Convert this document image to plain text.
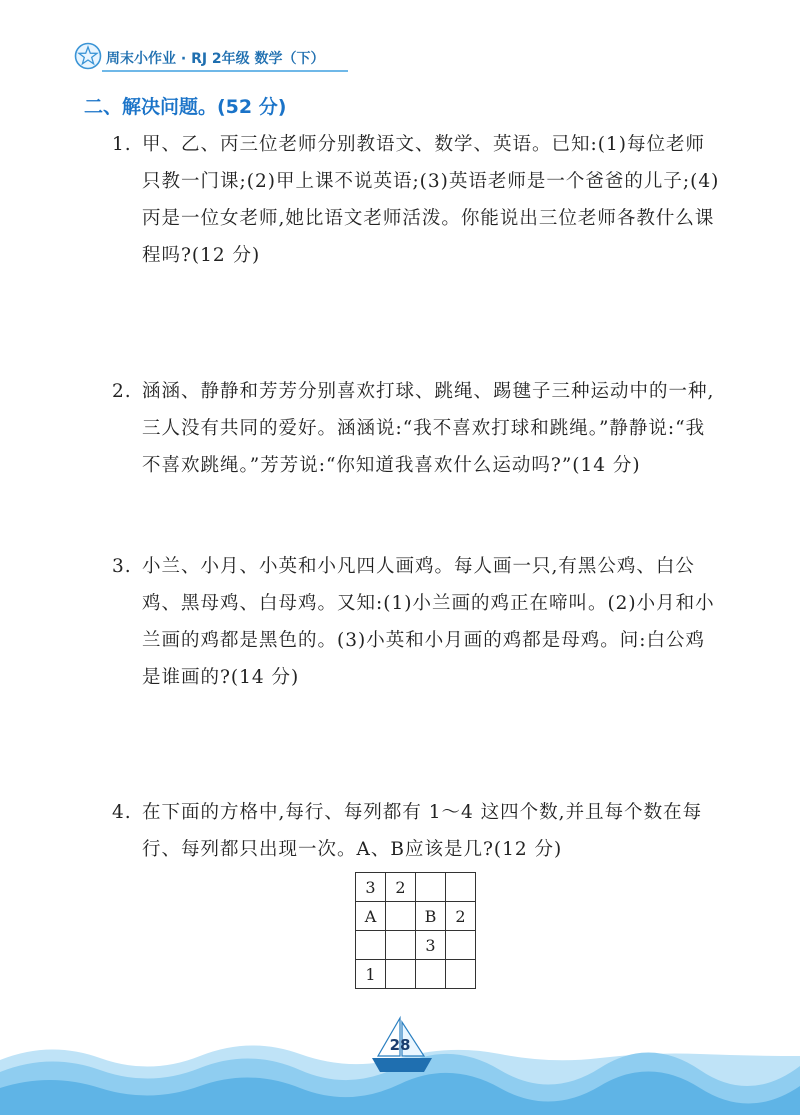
周末小作业 · RJ 2年级 数学（下）
二、解决问题。(52 分)
1. 甲、乙、丙三位老师分别教语文、数学、英语。已知:(1)每位老师只教一门课;(2)甲上课不说英语;(3)英语老师是一个爸爸的儿子;(4)丙是一位女老师,她比语文老师活泼。你能说出三位老师各教什么课程吗?(12 分)
2. 涵涵、静静和芳芳分别喜欢打球、跳绳、踢毽子三种运动中的一种,三人没有共同的爱好。涵涵说:“我不喜欢打球和跳绳。”静静说:“我不喜欢跳绳。”芳芳说:“你知道我喜欢什么运动吗?”(14 分)
3. 小兰、小月、小英和小凡四人画鸡。每人画一只,有黑公鸡、白公鸡、黑母鸡、白母鸡。又知:(1)小兰画的鸡正在啼叫。(2)小月和小兰画的鸡都是黑色的。(3)小英和小月画的鸡都是母鸡。问:白公鸡是谁画的?(14 分)
4. 在下面的方格中,每行、每列都有 1～4 这四个数,并且每个数在每行、每列都只出现一次。A、B应该是几?(12 分)
3	2		
A		B	2
		3	
1			
28
